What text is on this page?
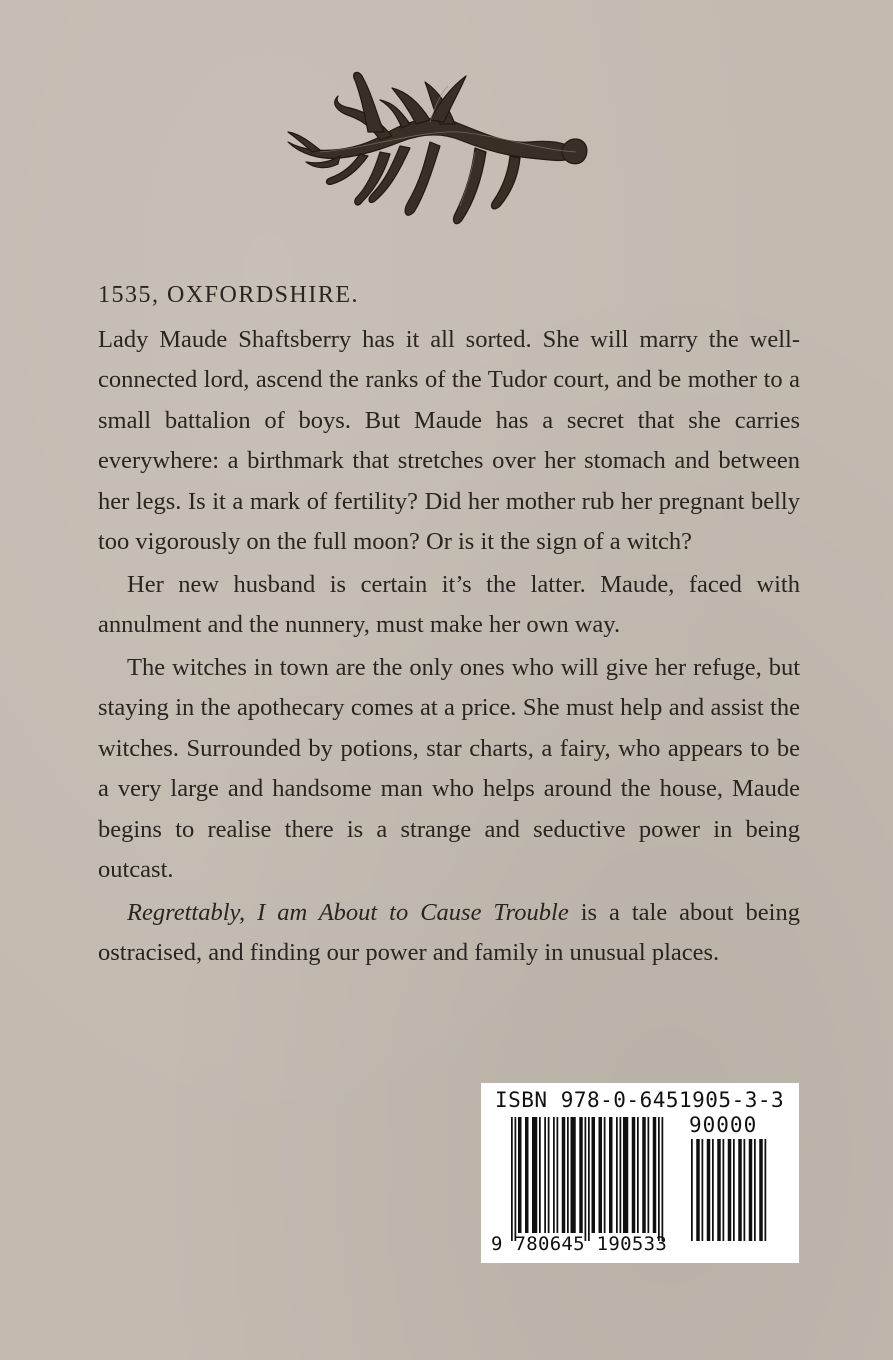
1535, OXFORDSHIRE.

Lady Maude Shaftsberry has it all sorted. She will marry the well-connected lord, ascend the ranks of the Tudor court, and be mother to a small battalion of boys. But Maude has a secret that she carries everywhere: a birthmark that stretches over her stomach and between her legs. Is it a mark of fertility? Did her mother rub her pregnant belly too vigorously on the full moon? Or is it the sign of a witch?

Her new husband is certain it’s the latter. Maude, faced with annulment and the nunnery, must make her own way.

The witches in town are the only ones who will give her refuge, but staying in the apothecary comes at a price. She must help and assist the witches. Surrounded by potions, star charts, a fairy, who appears to be a very large and handsome man who helps around the house, Maude begins to realise there is a strange and seductive power in being outcast.

Regrettably, I am About to Cause Trouble is a tale about being ostracised, and finding our power and family in unusual places.

ISBN 978-0-6451905-3-3
90000
9 780645 190533
